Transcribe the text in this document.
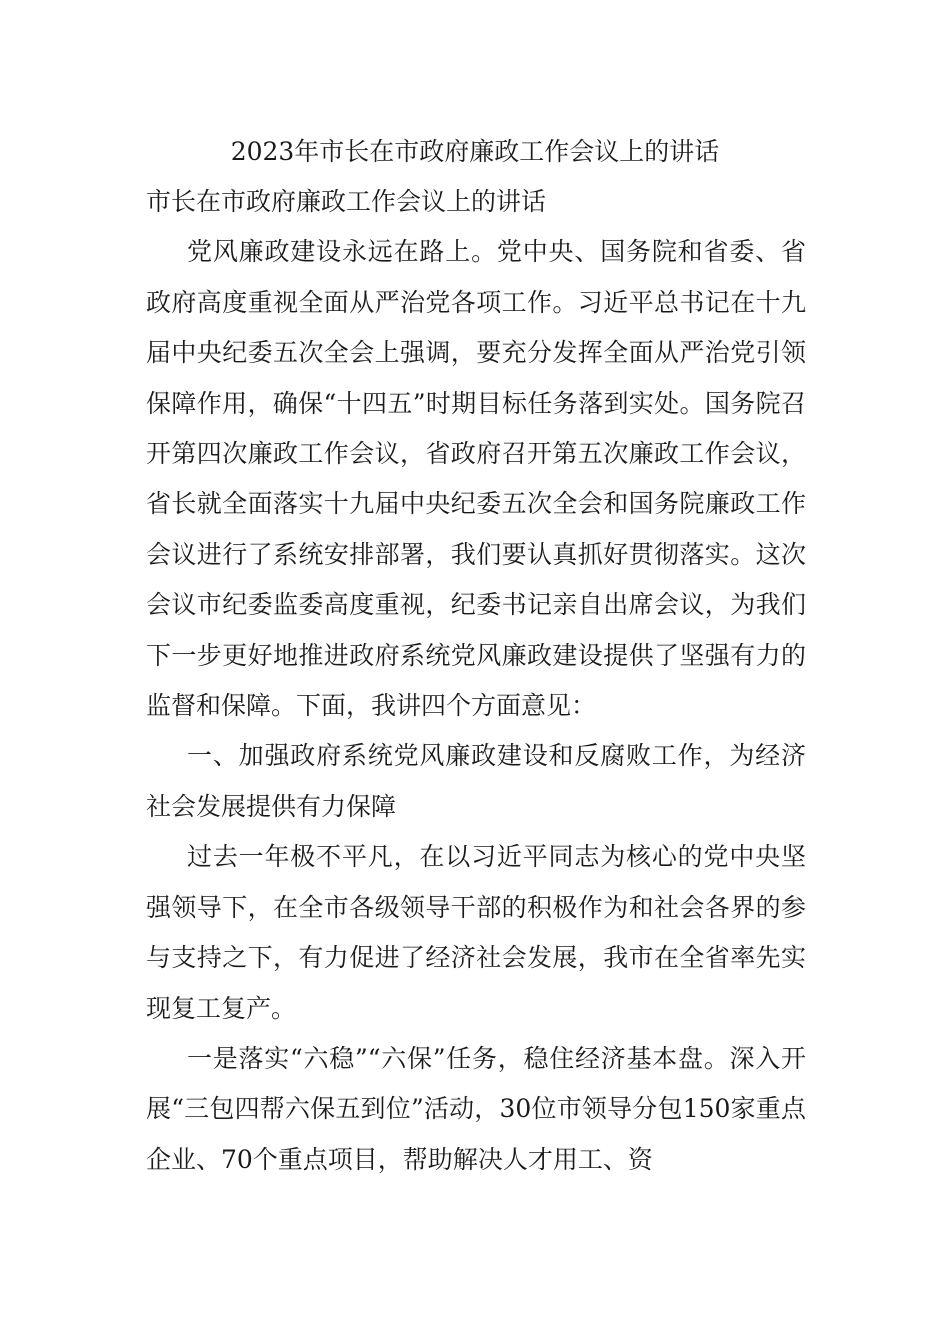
2023年市长在市政府廉政工作会议上的讲话

市长在市政府廉政工作会议上的讲话

党风廉政建设永远在路上。党中央、国务院和省委、省政府高度重视全面从严治党各项工作。习近平总书记在十九届中央纪委五次全会上强调，要充分发挥全面从严治党引领保障作用，确保“十四五”时期目标任务落到实处。国务院召开第四次廉政工作会议，省政府召开第五次廉政工作会议，省长就全面落实十九届中央纪委五次全会和国务院廉政工作会议进行了系统安排部署，我们要认真抓好贯彻落实。这次会议市纪委监委高度重视，纪委书记亲自出席会议，为我们下一步更好地推进政府系统党风廉政建设提供了坚强有力的监督和保障。下面，我讲四个方面意见：

一、加强政府系统党风廉政建设和反腐败工作，为经济社会发展提供有力保障

过去一年极不平凡，在以习近平同志为核心的党中央坚强领导下，在全市各级领导干部的积极作为和社会各界的参与支持之下，有力促进了经济社会发展，我市在全省率先实现复工复产。

一是落实“六稳”“六保”任务，稳住经济基本盘。深入开展“三包四帮六保五到位”活动，30位市领导分包150家重点企业、70个重点项目，帮助解决人才用工、资
